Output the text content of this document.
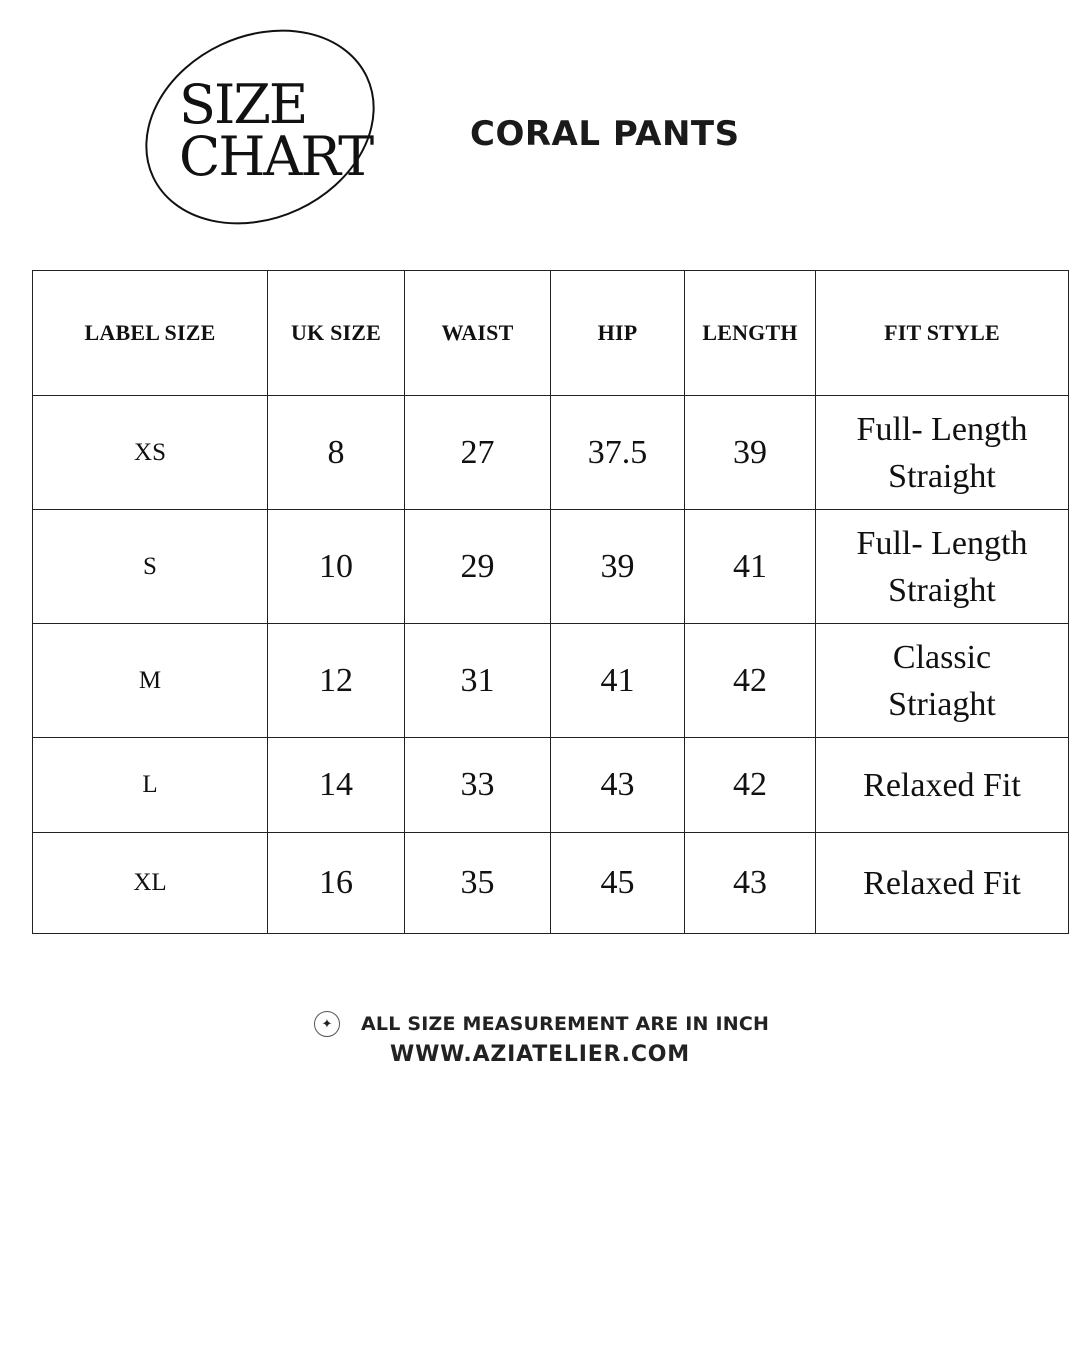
SIZE
CHART	CORAL PANTS
LABEL SIZE	UK SIZE	WAIST	HIP	LENGTH	FIT STYLE
XS	8	27	37.5	39	Full- Length
Straight
S	10	29	39	41	Full- Length
Straight
M	12	31	41	42	Classic
Striaght
L	14	33	43	42	Relaxed Fit
XL	16	35	45	43	Relaxed Fit
✦	ALL SIZE MEASUREMENT ARE IN INCH
WWW.AZIATELIER.COM
